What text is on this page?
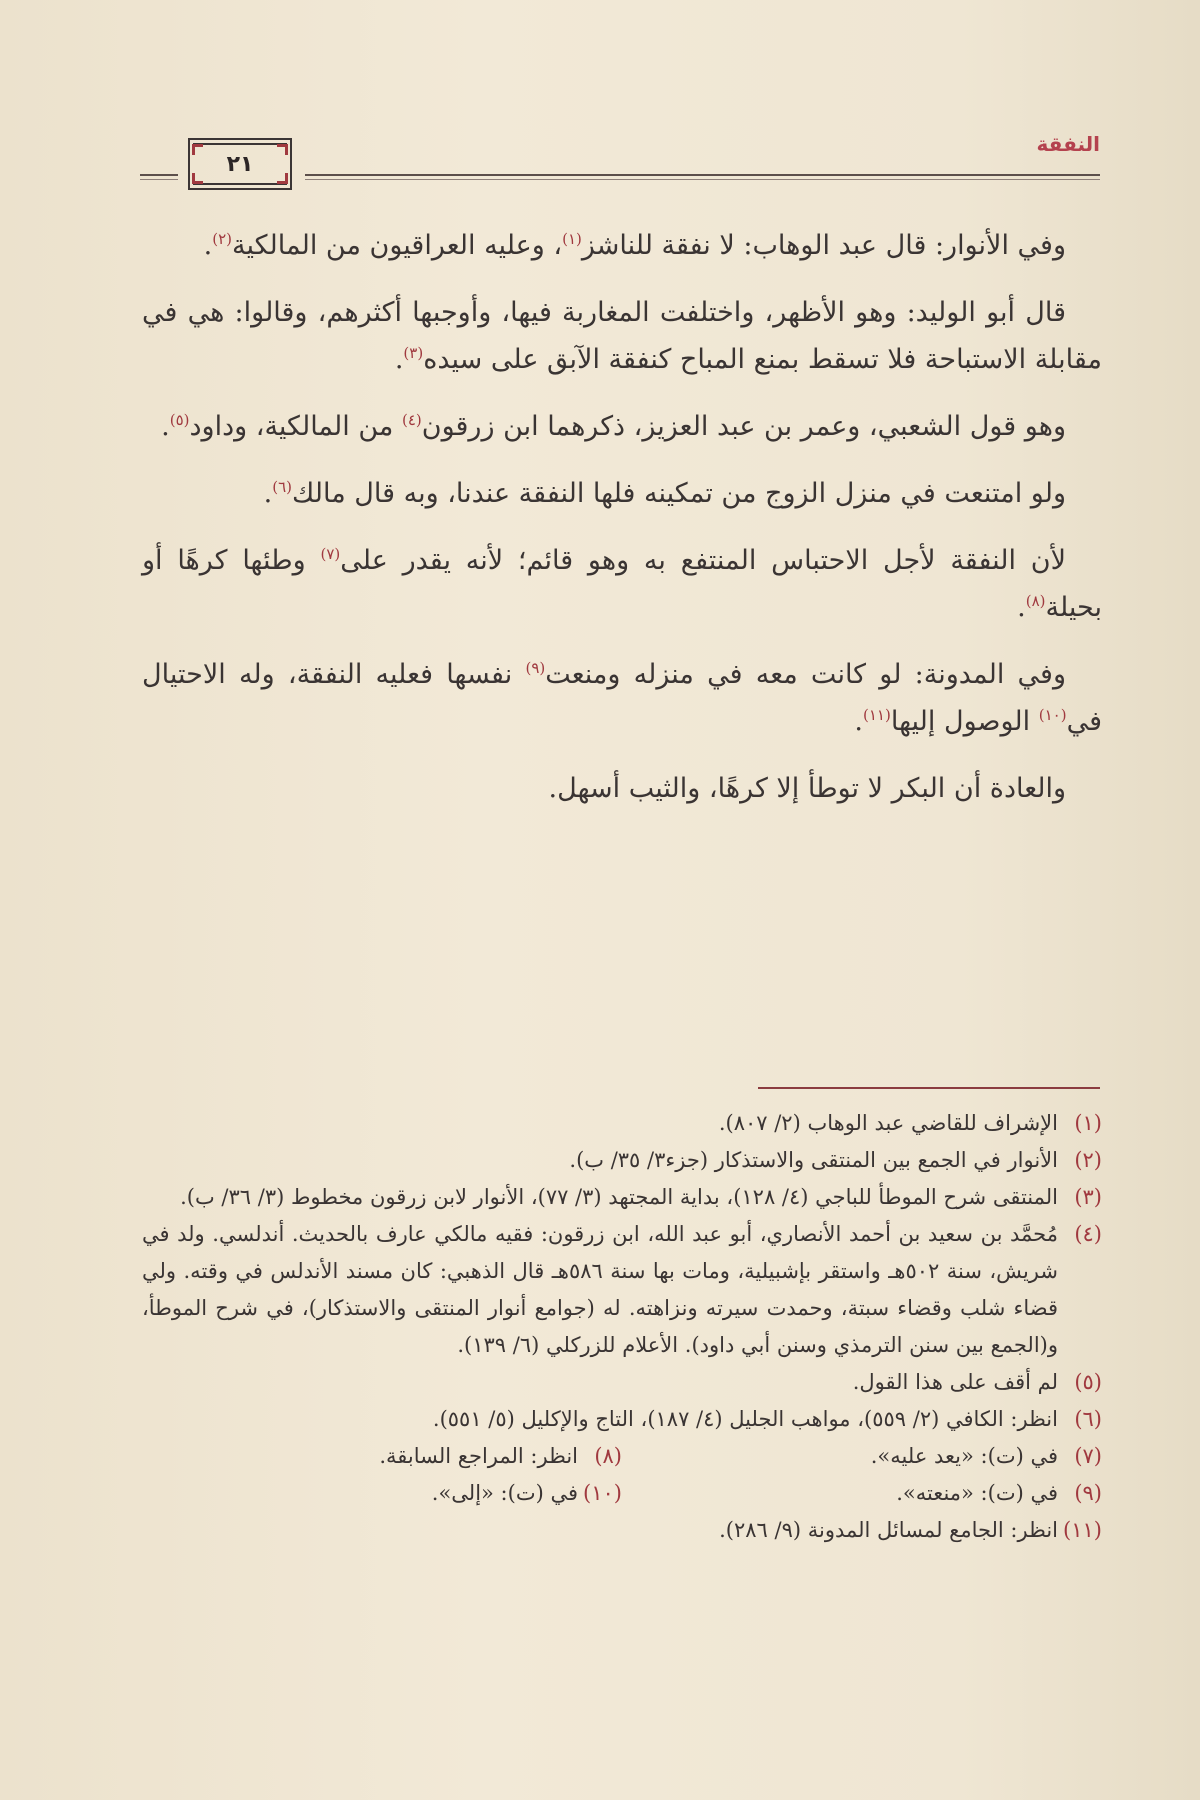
النفقة
٢١

وفي الأنوار: قال عبد الوهاب: لا نفقة للناشز$^{(١)}$، وعليه العراقيون من المالكية$^{(٢)}$.

قال أبو الوليد: وهو الأظهر، واختلفت المغاربة فيها، وأوجبها أكثرهم، وقالوا: هي في مقابلة الاستباحة فلا تسقط بمنع المباح كنفقة الآبق على سيده$^{(٣)}$.

وهو قول الشعبي، وعمر بن عبد العزيز، ذكرهما ابن زرقون$^{(٤)}$ من المالكية، وداود$^{(٥)}$.

ولو امتنعت في منزل الزوج من تمكينه فلها النفقة عندنا، وبه قال مالك$^{(٦)}$.

لأن النفقة لأجل الاحتباس المنتفع به وهو قائم؛ لأنه يقدر على$^{(٧)}$ وطئها كرهًا أو بحيلة$^{(٨)}$.

وفي المدونة: لو كانت معه في منزله ومنعت$^{(٩)}$ نفسها فعليه النفقة، وله الاحتيال في$^{(١٠)}$ الوصول إليها$^{(١١)}$.

والعادة أن البكر لا توطأ إلا كرهًا، والثيب أسهل.

(١)
الإشراف للقاضي عبد الوهاب (٢/ ٨٠٧).
(٢)
الأنوار في الجمع بين المنتقى والاستذكار (جزء٣/ ٣٥/ ب).
(٣)
المنتقى شرح الموطأ للباجي (٤/ ١٢٨)، بداية المجتهد (٣/ ٧٧)، الأنوار لابن زرقون مخطوط (٣/ ٣٦/ ب).
(٤)
مُحمَّد بن سعيد بن أحمد الأنصاري، أبو عبد الله، ابن زرقون: فقيه مالكي عارف بالحديث. أندلسي. ولد في شريش، سنة ٥٠٢هـ واستقر بإشبيلية، ومات بها سنة ٥٨٦هـ قال الذهبي: كان مسند الأندلس في وقته. ولي قضاء شلب وقضاء سبتة، وحمدت سيرته ونزاهته. له (جوامع أنوار المنتقى والاستذكار)، في شرح الموطأ، و(الجمع بين سنن الترمذي وسنن أبي داود). الأعلام للزركلي (٦/ ١٣٩).
(٥)
لم أقف على هذا القول.
(٦)
انظر: الكافي (٢/ ٥٥٩)، مواهب الجليل (٤/ ١٨٧)، التاج والإكليل (٥/ ٥٥١).
(٧)
في (ت): «يعد عليه».
(٨)
انظر: المراجع السابقة.
(٩)
في (ت): «منعته».
(١٠)
في (ت): «إلى».
(١١)
انظر: الجامع لمسائل المدونة (٩/ ٢٨٦).
